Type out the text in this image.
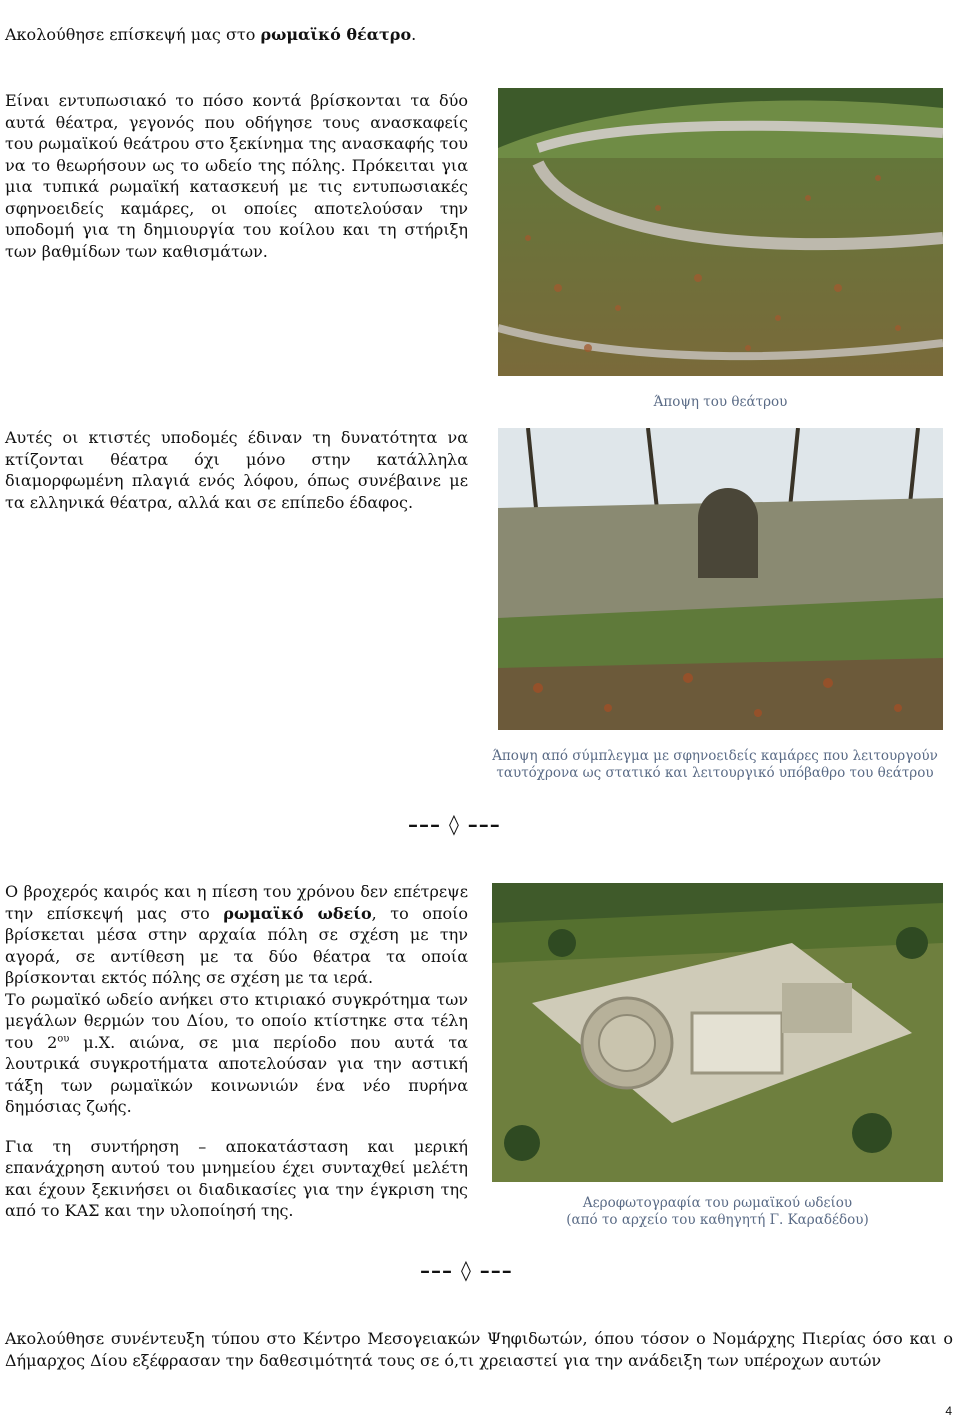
Ακολούθησε επίσκεψή μας στο ρωμαϊκό θέατρο.

Είναι εντυπωσιακό το πόσο κοντά βρίσκονται τα δύο αυτά θέατρα, γεγονός που οδήγησε τους ανασκαφείς του ρωμαϊκού θεάτρου στο ξεκίνημα της ανασκαφής του να το θεωρήσουν ως το ωδείο της πόλης. Πρόκειται για μια τυπικά ρωμαϊκή κατασκευή με τις εντυπωσιακές σφηνοειδείς καμάρες, οι οποίες αποτελούσαν την υποδομή για τη δημιουργία του κοίλου και τη στήριξη των βαθμίδων των καθισμάτων.

Άποψη του θεάτρου

Αυτές οι κτιστές υποδομές έδιναν τη δυνατότητα να κτίζονται θέατρα όχι μόνο στην κατάλληλα διαμορφωμένη πλαγιά ενός λόφου, όπως συνέβαινε με τα ελληνικά θέατρα, αλλά και σε επίπεδο έδαφος.

Άποψη από σύμπλεγμα με σφηνοειδείς καμάρες που λειτουργούν
ταυτόχρονα ως στατικό και λειτουργικό υπόβαθρο του θεάτρου
––– ◊ –––

Ο βροχερός καιρός και η πίεση του χρόνου δεν επέτρεψε την επίσκεψή μας στο ρωμαϊκό ωδείο, το οποίο βρίσκεται μέσα στην αρχαία πόλη σε σχέση με την αγορά, σε αντίθεση με τα δύο θέατρα τα οποία βρίσκονται εκτός πόλης σε σχέση με τα ιερά.

Το ρωμαϊκό ωδείο ανήκει στο κτιριακό συγκρότημα των μεγάλων θερμών του Δίου, το οποίο κτίστηκε στα τέλη του $2^{o\upsilon}$ μ.Χ. αιώνα, σε μια περίοδο που αυτά τα λουτρικά συγκροτήματα αποτελούσαν για την αστική τάξη των ρωμαϊκών κοινωνιών ένα νέο πυρήνα δημόσιας ζωής.

Για τη συντήρηση – αποκατάσταση και μερική επανάχρηση αυτού του μνημείου έχει συνταχθεί μελέτη και έχουν ξεκινήσει οι διαδικασίες για την έγκριση της από το ΚΑΣ και την υλοποίησή της.	Αεροφωτογραφία του ρωμαϊκού ωδείου
(από το αρχείο του καθηγητή Γ. Καραδέδου)
––– ◊ –––

Ακολούθησε συνέντευξη τύπου στο Κέντρο Μεσογειακών Ψηφιδωτών, όπου τόσον ο Νομάρχης Πιερίας όσο και ο Δήμαρχος Δίου εξέφρασαν την δαθεσιμότητά τους σε ό,τι χρειαστεί για την ανάδειξη των υπέροχων αυτών

4
